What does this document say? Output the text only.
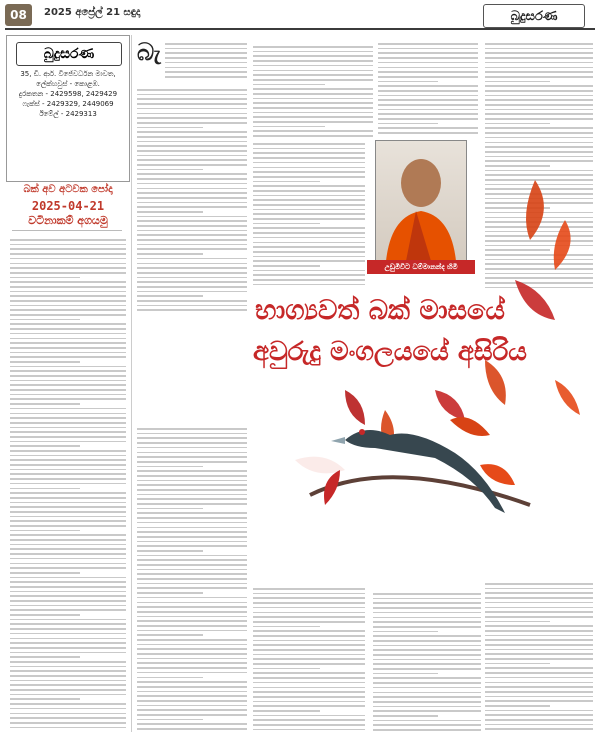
08	2025 අප්‍රේල් 21 සඳුදා	බුදුසරණ
බුදුසරණ
35, ඩී. ආර්. විජේවර්ධන මාවත,
ලේක්හවුස් - කොළඹ.
දුරකතන - 2429598, 2429429
ෆැක්ස් - 2429329, 2449069
ඊමේල් - 2429313
බක් අව අටවක පෝදා
2025-04-21
වටිනාකම් අගයමු
බැ
උඩුමිවිට ධම්මානන්ද හිමි
භාග්‍යවත් බක් මාසයේ
අවුරුදු මංගලයයේ අසිරිය
